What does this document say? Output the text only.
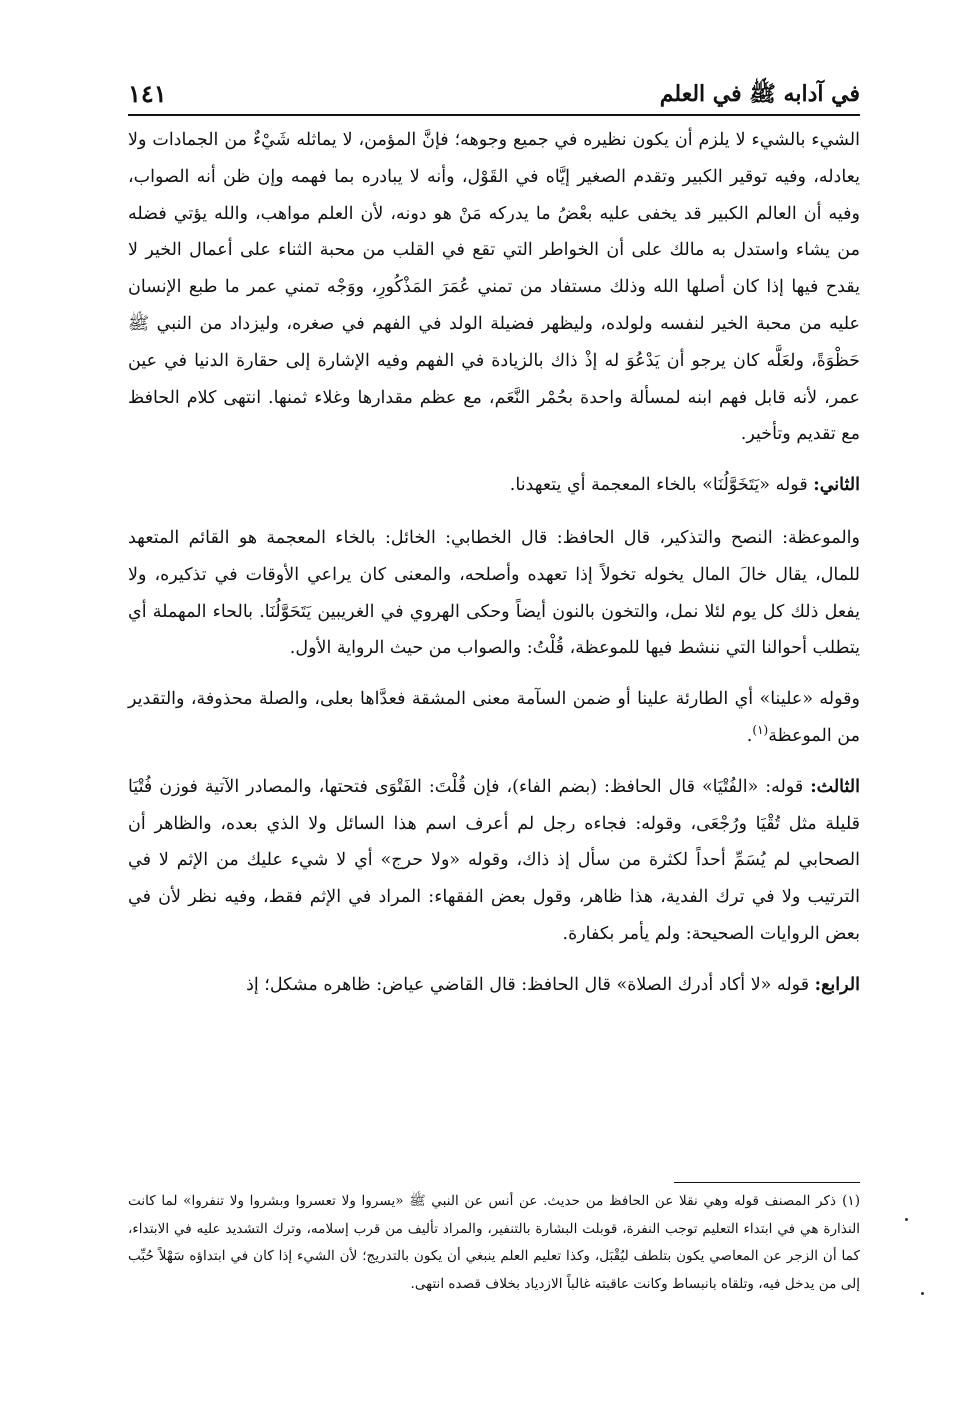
في آدابه ﷺ في العلم
١٤١

الشيء بالشيء لا يلزم أن يكون نظيره في جميع وجوهه؛ فإنَّ المؤمن، لا يماثله شَيْءٌ من الجمادات ولا يعادله، وفيه توقير الكبير وتقدم الصغير إيَّاه في القَوْل، وأنه لا يبادره بما فهمه وإن ظن أنه الصواب، وفيه أن العالم الكبير قد يخفى عليه بعْضُ ما يدركه مَنْ هو دونه، لأن العلم مواهب، والله يؤتي فضله من يشاء واستدل به مالك على أن الخواطر التي تقع في القلب من محبة الثناء على أعمال الخير لا يقدح فيها إذا كان أصلها الله وذلك مستفاد من تمني عُمَرَ المَذْكُورِ، ووَجْه تمني عمر ما طبع الإنسان عليه من محبة الخير لنفسه ولولده، وليظهر فضيلة الولد في الفهم في صغره، وليزداد من النبي ﷺ حَظْوَةً، ولعَلَّه كان يرجو أن يَدْعُوَ له إذْ ذاك بالزيادة في الفهم وفيه الإشارة إلى حقارة الدنيا في عين عمر، لأنه قابل فهم ابنه لمسألة واحدة بحُمْر النَّعَم، مع عظم مقدارها وغلاء ثمنها. انتهى كلام الحافظ مع تقديم وتأخير.

الثاني: قوله «يَتَخَوَّلُنَا» بالخاء المعجمة أي يتعهدنا.

والموعظة: النصح والتذكير، قال الحافظ: قال الخطابي: الخائل: بالخاء المعجمة هو القائم المتعهد للمال، يقال خالَ المال يخوله تخولاً إذا تعهده وأصلحه، والمعنى كان يراعي الأوقات في تذكيره، ولا يفعل ذلك كل يوم لئلا نمل، والتخون بالنون أيضاً وحكى الهروي في الغريبين يَتَحَوَّلُنَا. بالحاء المهملة أي يتطلب أحوالنا التي ننشط فيها للموعظة، قُلْتُ: والصواب من حيث الرواية الأول.

وقوله «علينا» أي الطارئة علينا أو ضمن السآمة معنى المشقة فعدَّاها بعلى، والصلة محذوفة، والتقدير من الموعظة$^{(١)}$.

الثالث: قوله: «الفُتْيَا» قال الحافظ: (بضم الفاء)، فإن قُلْتَ: الفَتْوَى فتحتها، والمصادر الآتية فوزن فُتْيَا قليلة مثل تُقْيَا ورُجْعَى، وقوله: فجاءه رجل لم أعرف اسم هذا السائل ولا الذي بعده، والظاهر أن الصحابي لم يُسَمِّ أحداً لكثرة من سأل إذ ذاك، وقوله «ولا حرج» أي لا شيء عليك من الإثم لا في الترتيب ولا في ترك الفدية، هذا ظاهر، وقول بعض الفقهاء: المراد في الإثم فقط، وفيه نظر لأن في بعض الروايات الصحيحة: ولم يأمر بكفارة.

الرابع: قوله «لا أكاد أدرك الصلاة» قال الحافظ: قال القاضي عياض: ظاهره مشكل؛ إذ

(١)ذكر المصنف قوله وهي نقلا عن الحافظ من حديث. عن أنس عن النبي ﷺ «يسروا ولا تعسروا وبشروا ولا تنفروا» لما كانت النذارة هي في ابتداء التعليم توجب النفرة، قوبلت البشارة بالتنفير، والمراد تأليف من قرب إسلامه، وترك التشديد عليه في الابتداء، كما أن الزجر عن المعاصي يكون بتلطف ليُقْبَل، وكذا تعليم العلم ينبغي أن يكون بالتدريج؛ لأن الشيء إذا كان في ابتداؤه سَهْلاً حُبِّب إلى من يدخل فيه، وتلقاه بانبساط وكانت عاقبته غالباً الازدياد بخلاف قصده انتهى.
